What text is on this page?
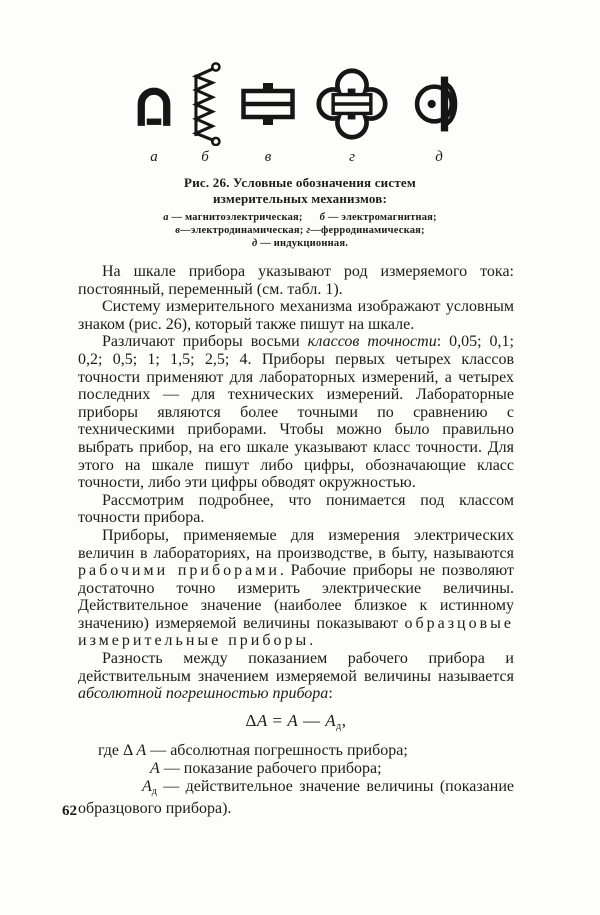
а	б	в	г	д
Рис. 26. Условные обозначения систем измерительных механизмов:
а — магнитоэлектрическая;      б — электромагнитная;
в—электродинамическая; г—ферродинамическая;
д — индукционная.

На шкале прибора указывают род измеряемого тока: постоянный, переменный (см. табл. 1).

Систему измерительного механизма изображают условным знаком (рис. 26), который также пишут на шкале.

Различают приборы восьми классов точности: 0,05; 0,1; 0,2; 0,5; 1; 1,5; 2,5; 4. Приборы первых четырех классов точности применяют для лабораторных измерений, а четырех последних — для технических измерений. Лабораторные приборы являются более точными по сравнению с техническими приборами. Чтобы можно было правильно выбрать прибор, на его шкале указывают класс точности. Для этого на шкале пишут либо цифры, обозначающие класс точности, либо эти цифры обводят окружностью.

Рассмотрим подробнее, что понимается под классом точности прибора.

Приборы, применяемые для измерения электрических величин в лабораториях, на производстве, в быту, называются рабочими приборами. Рабочие приборы не позволяют достаточно точно измерить электрические величины. Действительное значение (наиболее близкое к истинному значению) измеряемой величины показывают образцовые измерительные приборы.

Разность между показанием рабочего прибора и действительным значением измеряемой величины называется абсолютной погрешностью прибора:

ΔA = A — $A_д$,
где Δ A — абсолютная погрешность прибора;
A — показание рабочего прибора;
$A_д$ — действительное значение величины (показание образцового прибора).
62
